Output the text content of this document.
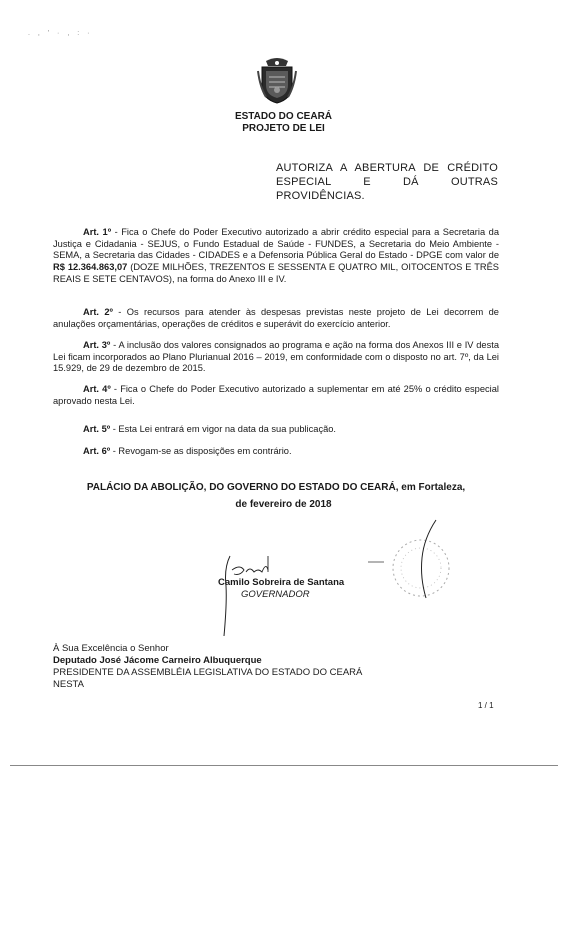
. , ' · , : ·
ESTADO DO CEARÁ
PROJETO DE LEI
AUTORIZA A ABERTURA DE CRÉDITO ESPECIAL E DÁ OUTRAS PROVIDÊNCIAS.
Art. 1º - Fica o Chefe do Poder Executivo autorizado a abrir crédito especial para a Secretaria da Justiça e Cidadania - SEJUS, o Fundo Estadual de Saúde - FUNDES, a Secretaria do Meio Ambiente - SEMA, a Secretaria das Cidades - CIDADES e a Defensoria Pública Geral do Estado - DPGE com valor de R$ 12.364.863,07 (DOZE MILHÕES, TREZENTOS E SESSENTA E QUATRO MIL, OITOCENTOS E TRÊS REAIS E SETE CENTAVOS), na forma do Anexo III e IV.
Art. 2º - Os recursos para atender às despesas previstas neste projeto de Lei decorrem de anulações orçamentárias, operações de créditos e superávit do exercício anterior.
Art. 3º - A inclusão dos valores consignados ao programa e ação na forma dos Anexos III e IV desta Lei ficam incorporados ao Plano Plurianual 2016 – 2019, em conformidade com o disposto no art. 7º, da Lei 15.929, de 29 de dezembro de 2015.
Art. 4º - Fica o Chefe do Poder Executivo autorizado a suplementar em até 25% o crédito especial aprovado nesta Lei.
Art. 5º - Esta Lei entrará em vigor na data da sua publicação.
Art. 6º - Revogam-se as disposições em contrário.
PALÁCIO DA ABOLIÇÃO, DO GOVERNO DO ESTADO DO CEARÁ, em Fortaleza,
de fevereiro de 2018
Camilo Sobreira de Santana
GOVERNADOR
À Sua Excelência o Senhor
Deputado José Jácome Carneiro Albuquerque
PRESIDENTE DA ASSEMBLÉIA LEGISLATIVA DO ESTADO DO CEARÁ
NESTA
1 / 1
